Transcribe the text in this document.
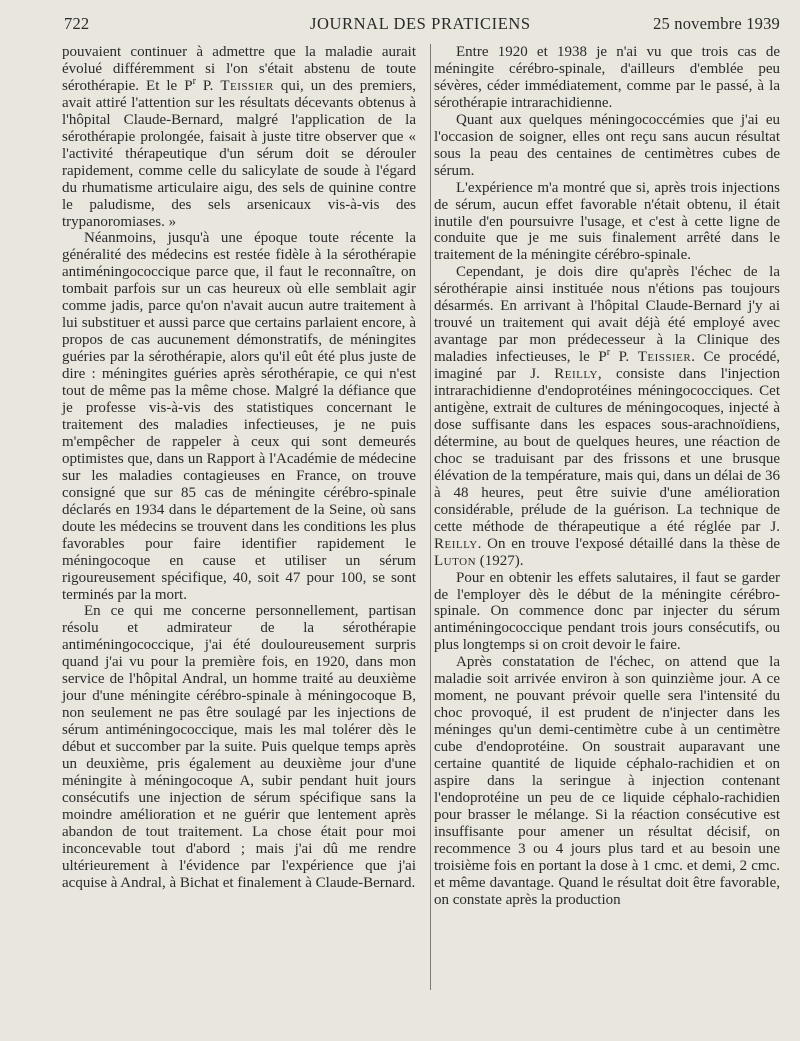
722	JOURNAL DES PRATICIENS	25 novembre 1939

pouvaient continuer à admettre que la maladie aurait évolué différemment si l'on s'était abstenu de toute sérothérapie. Et le $P^r$ P. Teissier qui, un des premiers, avait attiré l'attention sur les résultats décevants obtenus à l'hôpital Claude-Bernard, malgré l'application de la sérothérapie prolongée, faisait à juste titre observer que « l'activité thérapeutique d'un sérum doit se dérouler rapidement, comme celle du salicylate de soude à l'égard du rhumatisme articulaire aigu, des sels de quinine contre le paludisme, des sels arsenicaux vis-à-vis des trypanoromiases. »

Néanmoins, jusqu'à une époque toute récente la généralité des médecins est restée fidèle à la sérothérapie antiméningococcique parce que, il faut le reconnaître, on tombait parfois sur un cas heureux où elle semblait agir comme jadis, parce qu'on n'avait aucun autre traitement à lui substituer et aussi parce que certains parlaient encore, à propos de cas aucunement démonstratifs, de méningites guéries par la sérothérapie, alors qu'il eût été plus juste de dire : méningites guéries après sérothérapie, ce qui n'est tout de même pas la même chose. Malgré la défiance que je professe vis-à-vis des statistiques concernant le traitement des maladies infectieuses, je ne puis m'empêcher de rappeler à ceux qui sont demeurés optimistes que, dans un Rapport à l'Académie de médecine sur les maladies contagieuses en France, on trouve consigné que sur 85 cas de méningite cérébro-spinale déclarés en 1934 dans le département de la Seine, où sans doute les médecins se trouvent dans les conditions les plus favorables pour faire identifier rapidement le méningocoque en cause et utiliser un sérum rigoureusement spécifique, 40, soit 47 pour 100, se sont terminés par la mort.

En ce qui me concerne personnellement, partisan résolu et admirateur de la sérothérapie antiméningococcique, j'ai été douloureusement surpris quand j'ai vu pour la première fois, en 1920, dans mon service de l'hôpital Andral, un homme traité au deuxième jour d'une méningite cérébro-spinale à méningocoque B, non seulement ne pas être soulagé par les injections de sérum antiméningococcique, mais les mal tolérer dès le début et succomber par la suite. Puis quelque temps après un deuxième, pris également au deuxième jour d'une méningite à méningocoque A, subir pendant huit jours consécutifs une injection de sérum spécifique sans la moindre amélioration et ne guérir que lentement après abandon de tout traitement. La chose était pour moi inconcevable tout d'abord ; mais j'ai dû me rendre ultérieurement à l'évidence par l'expérience que j'ai acquise à Andral, à Bichat et finalement à Claude-Bernard.

Entre 1920 et 1938 je n'ai vu que trois cas de méningite cérébro-spinale, d'ailleurs d'emblée peu sévères, céder immédiatement, comme par le passé, à la sérothérapie intrarachidienne.

Quant aux quelques méningococcémies que j'ai eu l'occasion de soigner, elles ont reçu sans aucun résultat sous la peau des centaines de centimètres cubes de sérum.

L'expérience m'a montré que si, après trois injections de sérum, aucun effet favorable n'était obtenu, il était inutile d'en poursuivre l'usage, et c'est à cette ligne de conduite que je me suis finalement arrêté dans le traitement de la méningite cérébro-spinale.

Cependant, je dois dire qu'après l'échec de la sérothérapie ainsi instituée nous n'étions pas toujours désarmés. En arrivant à l'hôpital Claude-Bernard j'y ai trouvé un traitement qui avait déjà été employé avec avantage par mon prédecesseur à la Clinique des maladies infectieuses, le $P^r$ P. Teissier. Ce procédé, imaginé par J. Reilly, consiste dans l'injection intrarachidienne d'endoprotéines méningococciques. Cet antigène, extrait de cultures de méningocoques, injecté à dose suffisante dans les espaces sous-arachnoïdiens, détermine, au bout de quelques heures, une réaction de choc se traduisant par des frissons et une brusque élévation de la température, mais qui, dans un délai de 36 à 48 heures, peut être suivie d'une amélioration considérable, prélude de la guérison. La technique de cette méthode de thérapeutique a été réglée par J. Reilly. On en trouve l'exposé détaillé dans la thèse de Luton (1927).

Pour en obtenir les effets salutaires, il faut se garder de l'employer dès le début de la méningite cérébro-spinale. On commence donc par injecter du sérum antiméningococcique pendant trois jours consécutifs, ou plus longtemps si on croit devoir le faire.

Après constatation de l'échec, on attend que la maladie soit arrivée environ à son quinzième jour. A ce moment, ne pouvant prévoir quelle sera l'intensité du choc provoqué, il est prudent de n'injecter dans les méninges qu'un demi-centimètre cube à un centimètre cube d'endoprotéine. On soustrait auparavant une certaine quantité de liquide céphalo-rachidien et on aspire dans la seringue à injection contenant l'endoprotéine un peu de ce liquide céphalo-rachidien pour brasser le mélange. Si la réaction consécutive est insuffisante pour amener un résultat décisif, on recommence 3 ou 4 jours plus tard et au besoin une troisième fois en portant la dose à 1 cmc. et demi, 2 cmc. et même davantage. Quand le résultat doit être favorable, on constate après la production
